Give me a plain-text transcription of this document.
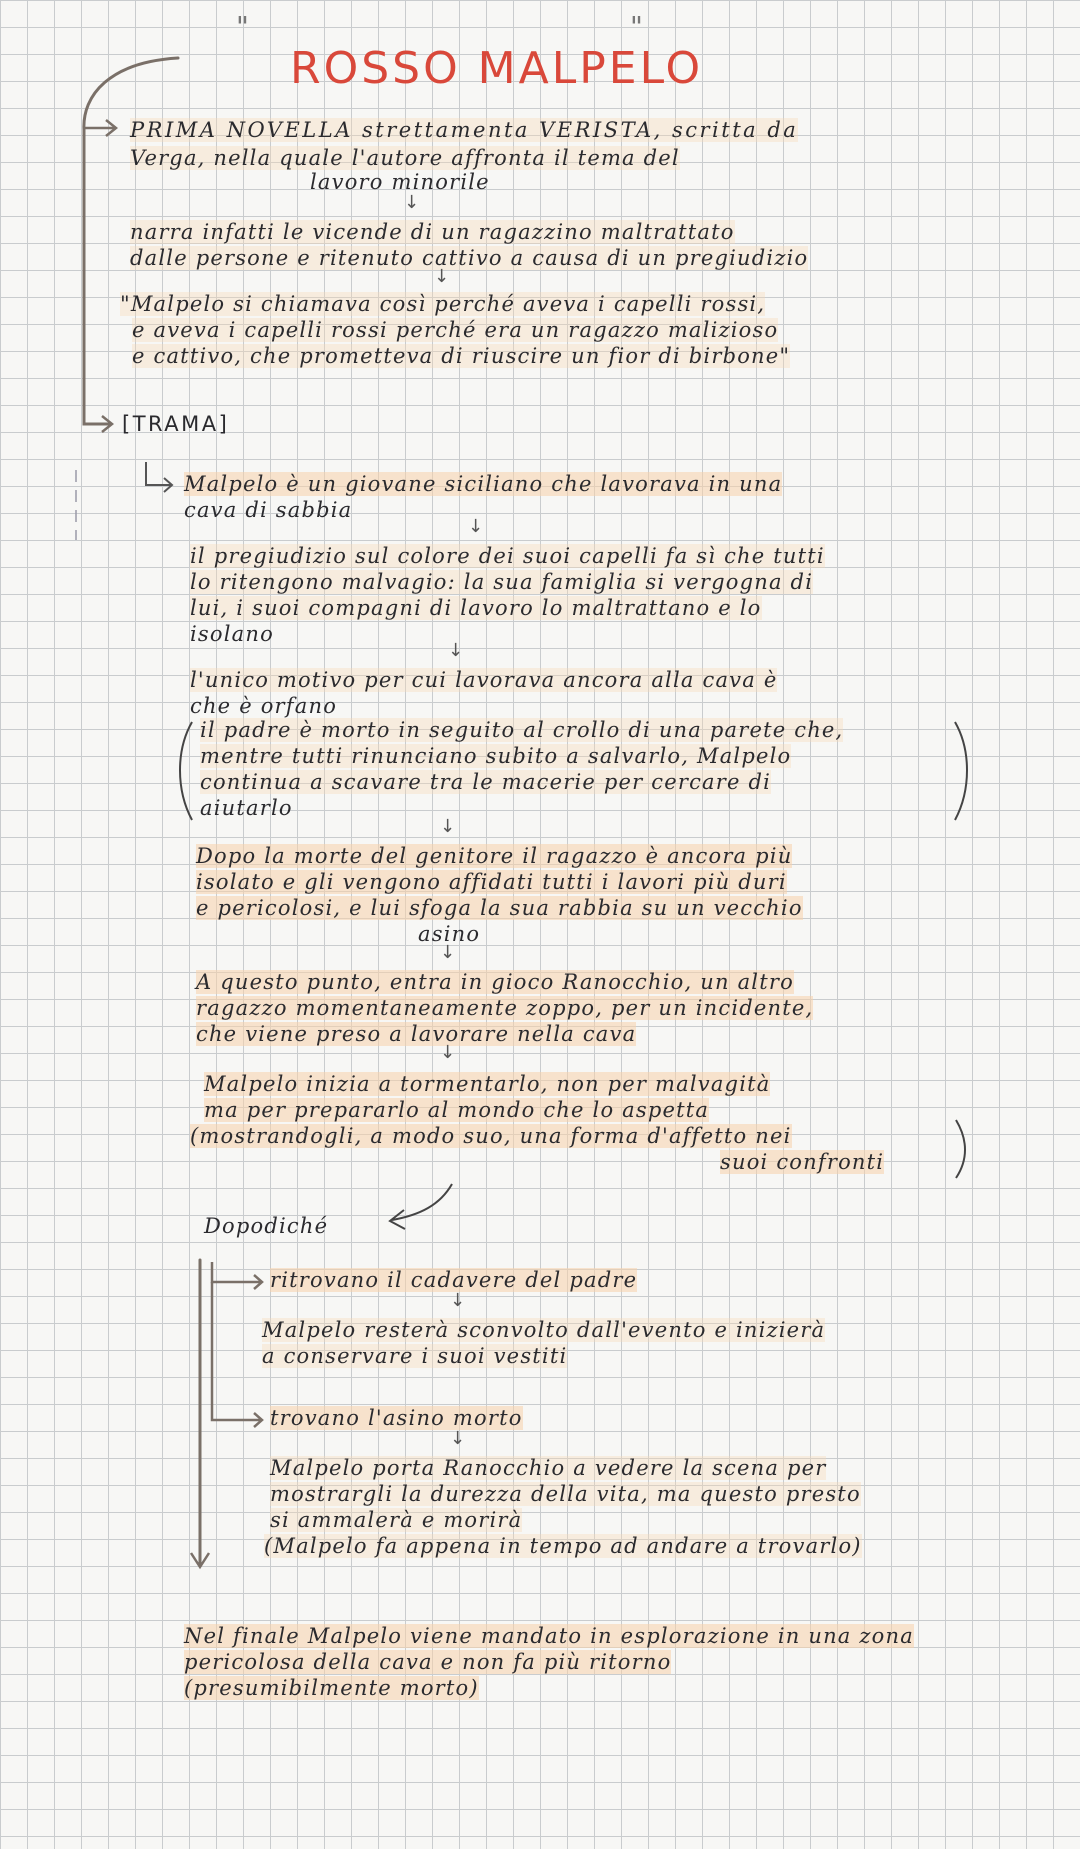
"
ROSSO MALPELO
"

PRIMA NOVELLA strettamenta VERISTA, scritta da

Verga, nella quale l'autore affronta il tema del

lavoro minorile

↓

narra infatti le vicende di un ragazzino maltrattato

dalle persone e ritenuto cattivo a causa di un pregiudizio

↓

"Malpelo si chiamava così perché aveva i capelli rossi,

e aveva i capelli rossi perché era un ragazzo malizioso

e cattivo, che prometteva di riuscire un fior di birbone"

[TRAMA]

Malpelo è un giovane siciliano che lavorava in una

cava di sabbia

↓

il pregiudizio sul colore dei suoi capelli fa sì che tutti

lo ritengono malvagio: la sua famiglia si vergogna di

lui, i suoi compagni di lavoro lo maltrattano e lo

isolano

↓

l'unico motivo per cui lavorava ancora alla cava è

che è orfano

il padre è morto in seguito al crollo di una parete che,

mentre tutti rinunciano subito a salvarlo, Malpelo

continua a scavare tra le macerie per cercare di

aiutarlo

↓

Dopo la morte del genitore il ragazzo è ancora più

isolato e gli vengono affidati tutti i lavori più duri

e pericolosi, e lui sfoga la sua rabbia su un vecchio

asino

↓

A questo punto, entra in gioco Ranocchio, un altro

ragazzo momentaneamente zoppo, per un incidente,

che viene preso a lavorare nella cava

↓

Malpelo inizia a tormentarlo, non per malvagità

ma per prepararlo al mondo che lo aspetta

(mostrandogli, a modo suo, una forma d'affetto nei

suoi confronti

Dopodiché

ritrovano il cadavere del padre

↓

Malpelo resterà sconvolto dall'evento e inizierà

a conservare i suoi vestiti

trovano l'asino morto

↓

Malpelo porta Ranocchio a vedere la scena per

mostrargli la durezza della vita, ma questo presto

si ammalerà e morirà

(Malpelo fa appena in tempo ad andare a trovarlo)

Nel finale Malpelo viene mandato in esplorazione in una zona

pericolosa della cava e non fa più ritorno

(presumibilmente morto)
